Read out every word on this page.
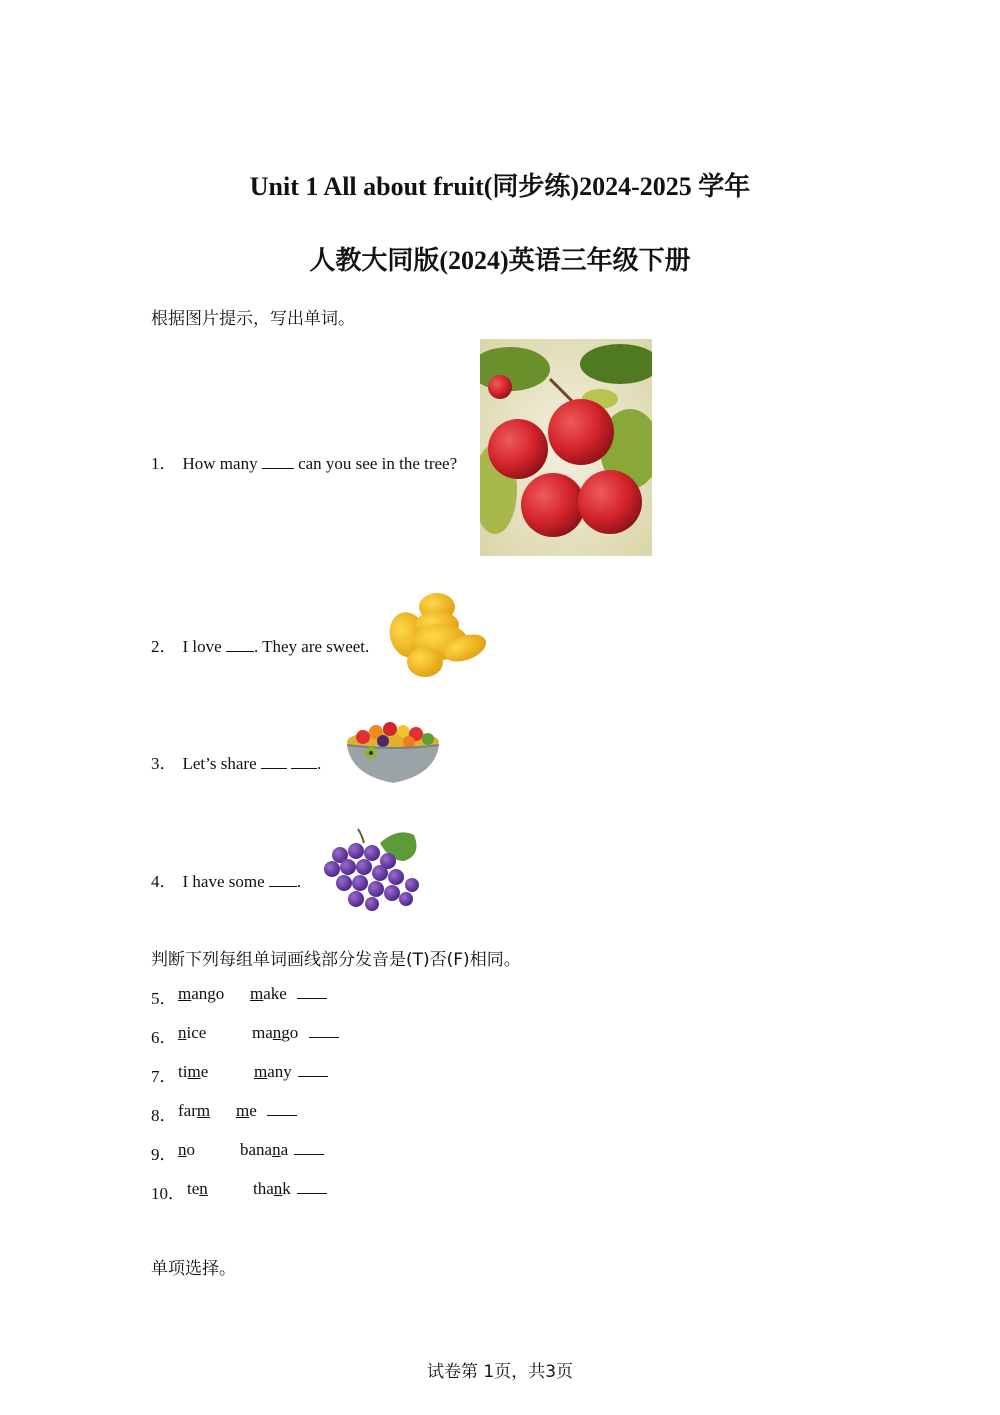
Unit 1 All about fruit(同步练)2024-2025 学年
人教大同版(2024)英语三年级下册
根据图片提示，写出单词。
1． How many  can you see in the tree?
2． I love . They are sweet.
3． Let’s share	.
4． I have some .
判断下列每组单词画线部分发音是(T)否(F)相同。
5． mango make
6． nice	mango
7． time	many
8． farm me
9． no	banana
10． ten	thank
单项选择。
试卷第 1页，共3页
